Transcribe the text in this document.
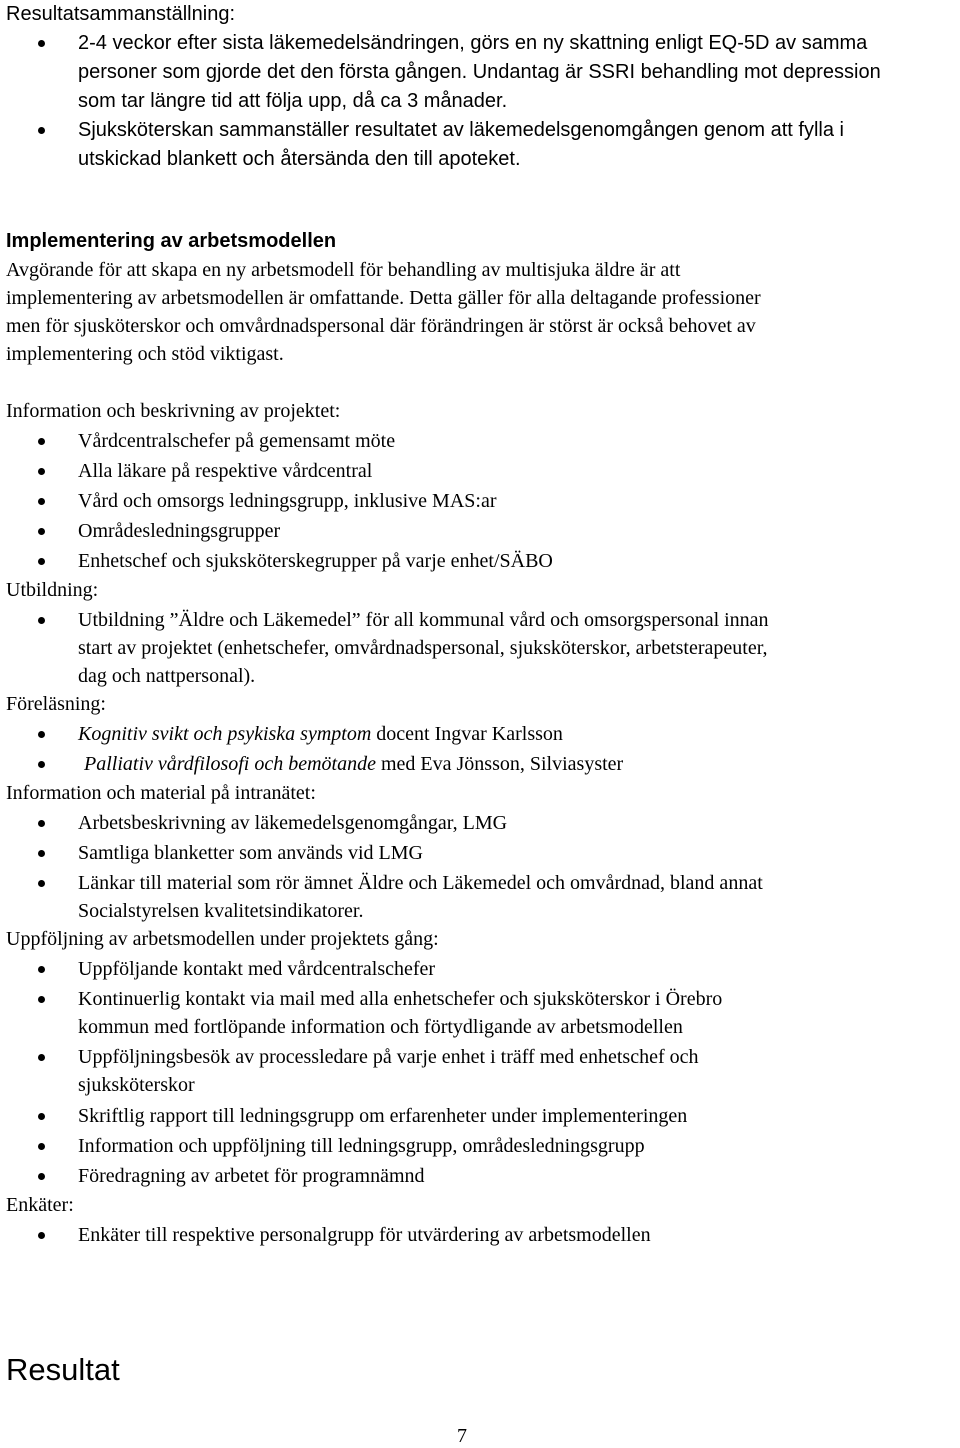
Resultatsammanställning:
2-4 veckor efter sista läkemedelsändringen, görs en ny skattning enligt EQ-5D av samma
personer som gjorde det den första gången. Undantag är SSRI behandling mot depression
som tar längre tid att följa upp, då ca 3 månader.
Sjuksköterskan sammanställer resultatet av läkemedelsgenomgången genom att fylla i
utskickad blankett och återsända den till apoteket.
Implementering av arbetsmodellen
Avgörande för att skapa en ny arbetsmodell för behandling av multisjuka äldre är att
implementering av arbetsmodellen är omfattande. Detta gäller för alla deltagande professioner
men för sjusköterskor och omvårdnadspersonal där förändringen är störst är också behovet av
implementering och stöd viktigast.
Information och beskrivning av projektet:
Vårdcentralschefer på gemensamt möte
Alla läkare på respektive vårdcentral
Vård och omsorgs ledningsgrupp, inklusive MAS:ar
Områdesledningsgrupper
Enhetschef och sjuksköterskegrupper på varje enhet/SÄBO
Utbildning:
Utbildning ”Äldre och Läkemedel” för all kommunal vård och omsorgspersonal innan
start av projektet (enhetschefer, omvårdnadspersonal, sjuksköterskor, arbetsterapeuter,
dag och nattpersonal).
Föreläsning:
Kognitiv svikt och psykiska symptom docent Ingvar Karlsson
Palliativ vårdfilosofi och bemötande med Eva Jönsson, Silviasyster
Information och material på intranätet:
Arbetsbeskrivning av läkemedelsgenomgångar, LMG
Samtliga blanketter som används vid LMG
Länkar till material som rör ämnet Äldre och Läkemedel och omvårdnad, bland annat
Socialstyrelsen kvalitetsindikatorer.
Uppföljning av arbetsmodellen under projektets gång:
Uppföljande kontakt med vårdcentralschefer
Kontinuerlig kontakt via mail med alla enhetschefer och sjuksköterskor i Örebro
kommun med fortlöpande information och förtydligande av arbetsmodellen
Uppföljningsbesök av processledare på varje enhet i träff med enhetschef och
sjuksköterskor
Skriftlig rapport till ledningsgrupp om erfarenheter under implementeringen
Information och uppföljning till ledningsgrupp, områdesledningsgrupp
Föredragning av arbetet för programnämnd
Enkäter:
Enkäter till respektive personalgrupp för utvärdering av arbetsmodellen
Resultat
7
